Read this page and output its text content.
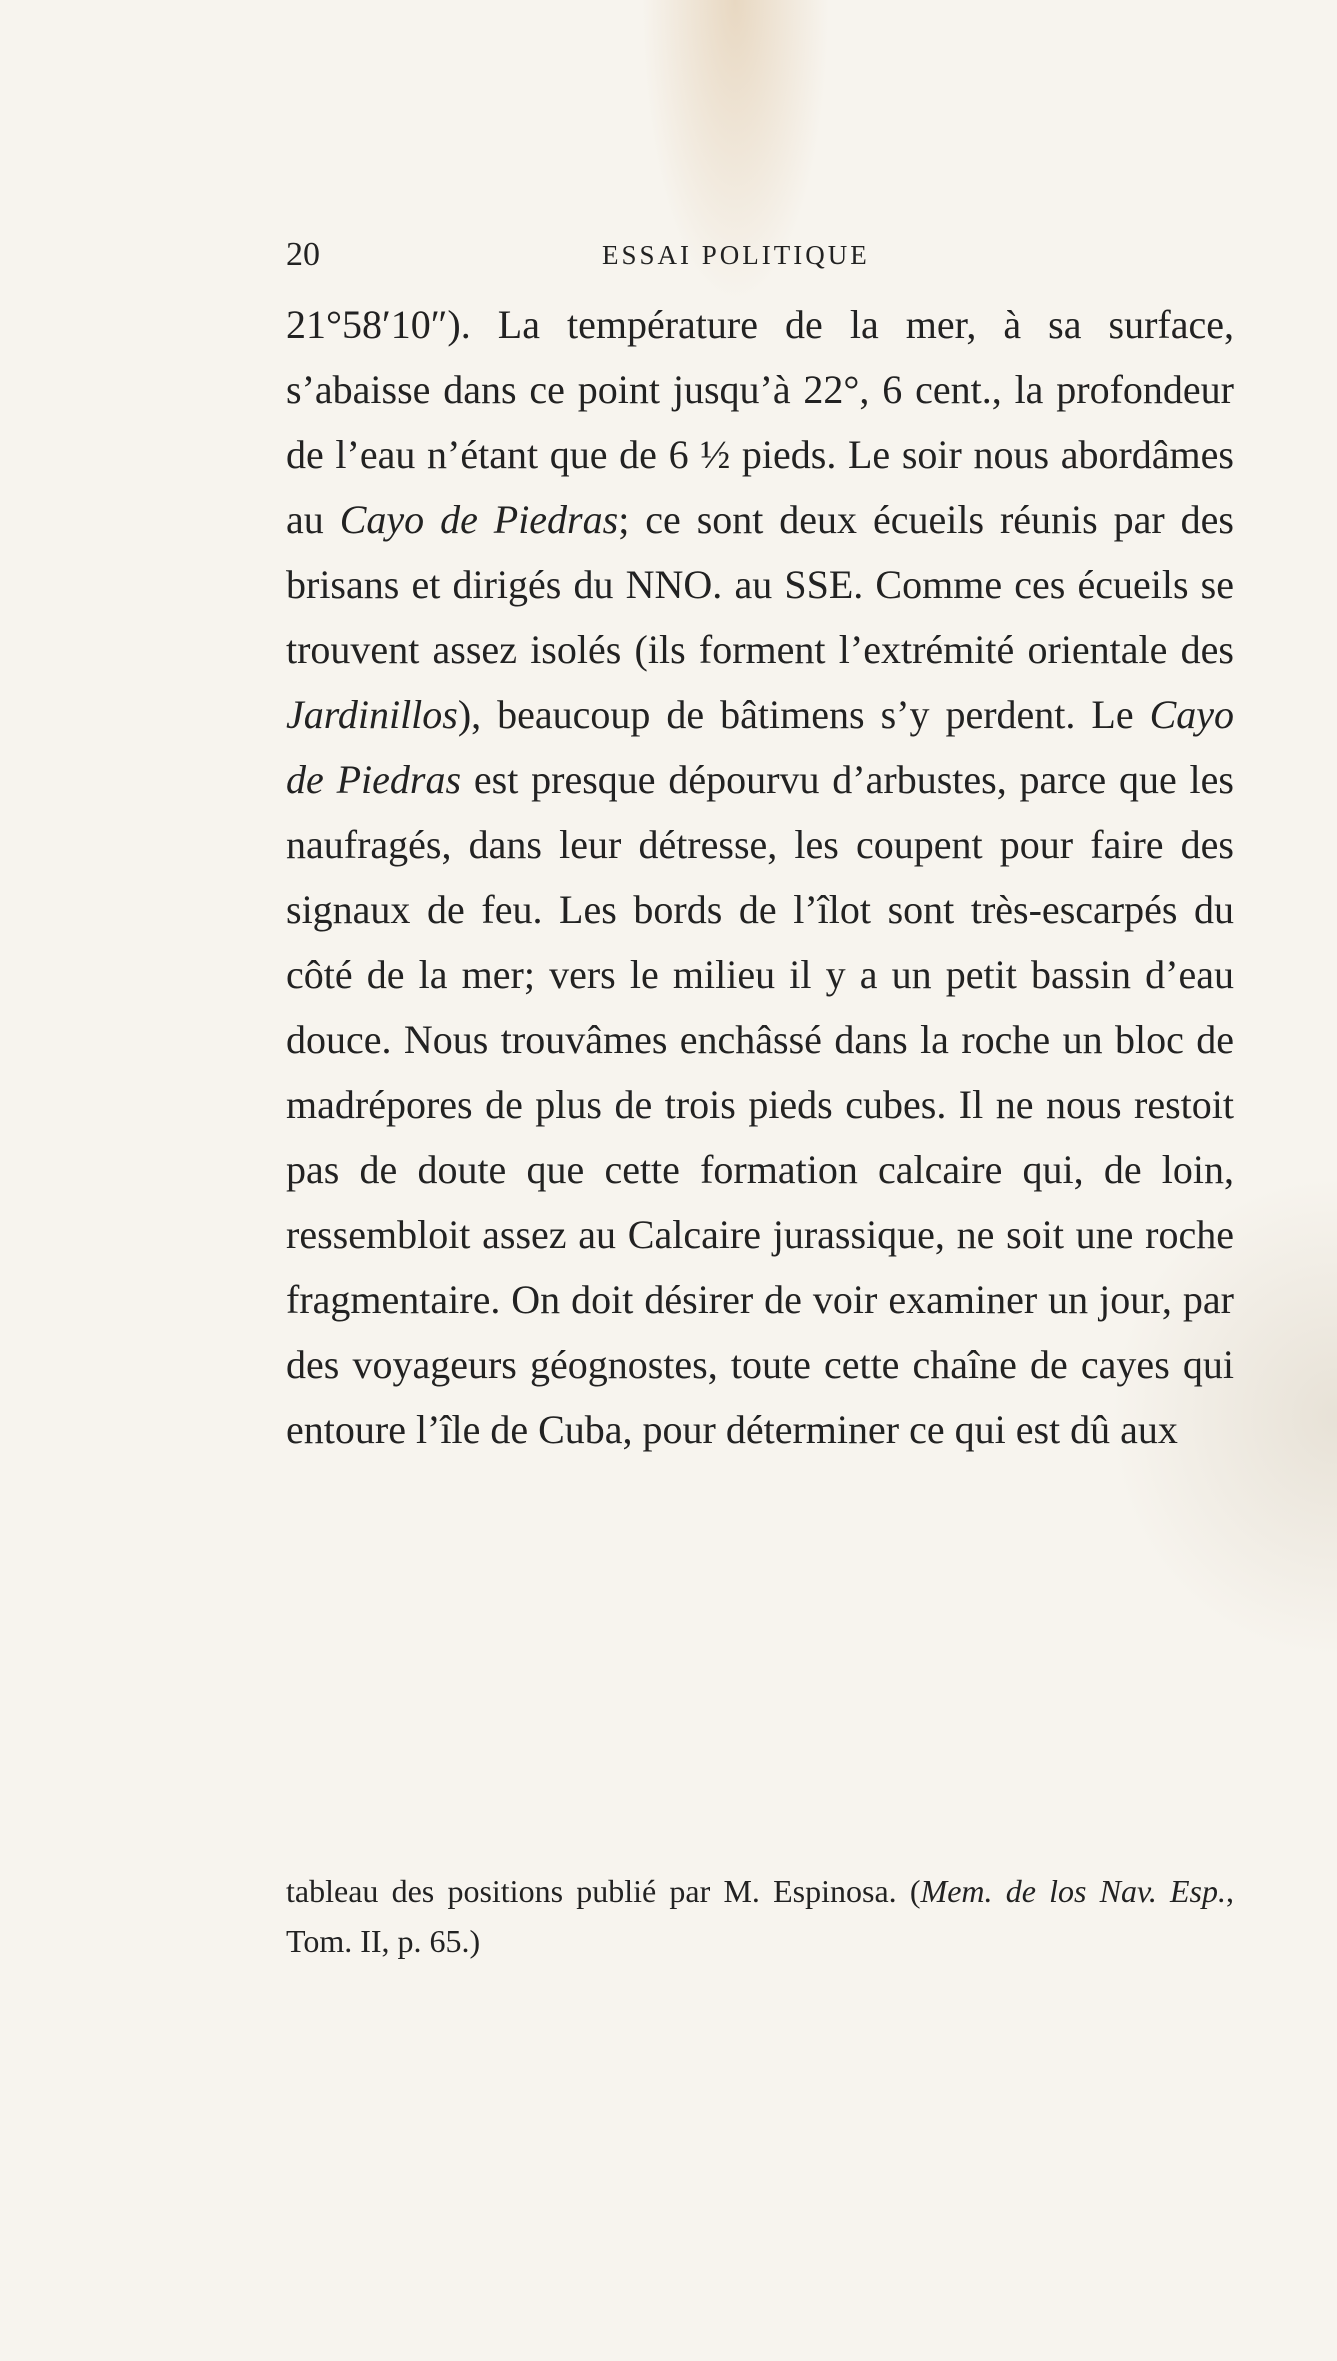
20	ESSAI POLITIQUE

21°58′10″). La température de la mer, à sa surface, s’abaisse dans ce point jusqu’à 22°, 6 cent., la profondeur de l’eau n’étant que de 6 ½ pieds. Le soir nous abordâmes au Cayo de Piedras; ce sont deux écueils réunis par des brisans et dirigés du NNO. au SSE. Comme ces écueils se trouvent assez isolés (ils forment l’extrémité orientale des Jardinillos), beaucoup de bâtimens s’y perdent. Le Cayo de Piedras est presque dépourvu d’arbustes, parce que les naufragés, dans leur détresse, les coupent pour faire des signaux de feu. Les bords de l’îlot sont très-escarpés du côté de la mer; vers le milieu il y a un petit bassin d’eau douce. Nous trouvâmes enchâssé dans la roche un bloc de madrépores de plus de trois pieds cubes. Il ne nous restoit pas de doute que cette formation calcaire qui, de loin, ressembloit assez au Calcaire jurassique, ne soit une roche fragmentaire. On doit désirer de voir examiner un jour, par des voyageurs géognostes, toute cette chaîne de cayes qui entoure l’île de Cuba, pour déterminer ce qui est dû aux

tableau des positions publié par M. Espinosa. (Mem. de los Nav. Esp., Tom. II, p. 65.)
